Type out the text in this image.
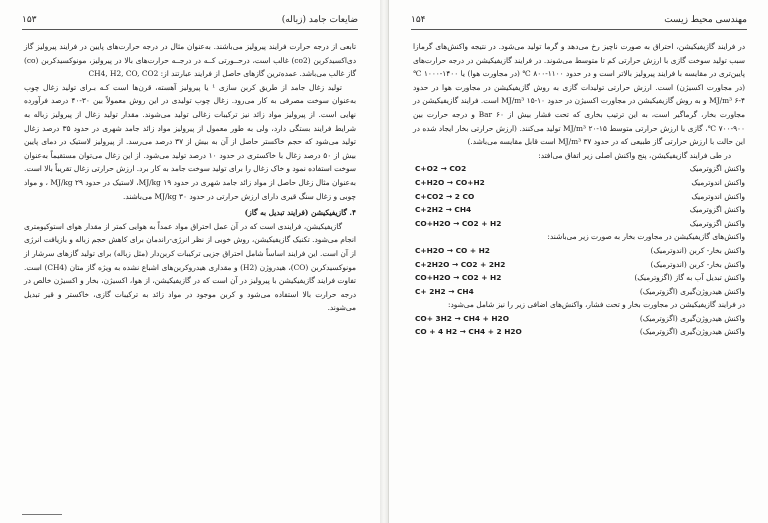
ضایعات جامد (زباله)
۱۵۳

تابعی از درجه حرارت فرایند پیرولیز می‌باشند. به‌عنوان مثال در درجه حرارت‌های پایین در فرایند پیرولیز گاز دی‌اکسیدکربن (co2) غالب است، درحــورتی کــه در درجــه حرارت‌های بالا در پیرولیز، مونوکسیدکربن (co) گاز غالب می‌باشد. عمده‌ترین گازهای حاصل از فرایند عبارتند از: CH4, H2, CO, CO2

تولید زغال جامد از طریق کربن سازی ¹ یا پیرولیز آهسته، قرن‌ها است کـه بـرای تولید زغال چوب به‌عنوان سوخت مصرفی به کار می‌رود. زغال چوب تولیدی در این روش معمولاً بین ۳۰-۴۰ درصد فرآورده نهایی است. از پیرولیز مواد زائد نیز ترکیبات زغالی تولید می‌شوند. مقدار تولید زغال از پیرولیز زباله به شرایط فرایند بستگی دارد، ولی به طور معمول از پیرولیز مواد زائد جامد شهری در حدود ۳۵ درصد زغال تولید می‌شود که حجم خاکستر حاصل از آن به بیش از ۳۷ درصد می‌رسد. از پیرولیز لاستیک در دمای پایین بیش از ۵۰ درصد زغال با خاکستری در حدود ۱۰ درصد تولید می‌شود. از این زغال می‌توان مستقیماً به‌عنوان سوخت استفاده نمود و خاک زغال را برای تولید سوخت جامد به کار برد. ارزش حرارتی زغال تقریباً بالا است. به‌عنوان مثال زغال حاصل از مواد زائد جامد شهری در حدود MJ/kg ۱۹، لاستیک در حدود MJ/kg ۲۹ ، و مواد چوبی و زغال سنگ قیری دارای ارزش حرارتی در حدود MJ/kg ۳۰ می‌باشند.

۴. گازیفیکیشن (فرایند تبدیل به گاز)

گازیفیکیشن، فرایندی است که در آن عمل احتراق مواد عمداً به هوایی کمتر از مقدار هوای استوکیومتری انجام می‌شود. تکنیک گازیفیکیشن، روش خوبی از نظر انرژی-راندمان برای کاهش حجم زباله و بازیافت انرژی از آن است. این فرایند اساساً شامل احتراق جزیی ترکیبات کربن‌دار (مثل زباله) برای تولید گازهای سرشار از مونوکسیدکربن (CO)، هیدروژن (H2) و مقداری هیدروکربن‌های اشباع نشده به ویژه گاز متان (CH4) است. تفاوت فرایند گازیفیکیشن با پیرولیز در آن است که در گازیفیکیشن، از هوا، اکسیژن، بخار و اکسیژن خالص در درجه حرارت بالا استفاده می‌شود و کربن موجود در مواد زائد به ترکیبات گازی، خاکستر و قیر تبدیل می‌شوند.

مهندسی محیط زیست
۱۵۴

در فرایند گازیفیکیشن، احتراق به صورت ناچیز رخ می‌دهد و گرما تولید می‌شود. در نتیجه واکنش‌های گرمازا سبب تولید سوخت گازی با ارزش حرارتی کم تا متوسط می‌شوند. در فرایند گازیفیکیشن در درجه حرارت‌های پایین‌تری در مقایسه با فرایند پیرولیز بالاتر است و در حدود ۱۱۰۰-۸۰۰ ℃ (در مجاورت هوا) یا ۱۴۰۰-۱۰۰۰ ℃ (در مجاورت اکسیژن) است. ارزش حرارتی تولیدات گازی به روش گازیفیکیشن در مجاورت هوا در حدود MJ/m³ ۶-۴ و به روش گازیفیکیشن در مجاورت اکسیژن در حدود MJ/m³ ۱۵-۱۰ است. فرایند گازیفیکیشن در مجاورت بخار، گرماگیر است، به این ترتیب بخاری که تحت فشار بیش از Bar ۶۰ و درجه حرارت بین ۹۰۰-۷۰۰ ℃، گازی با ارزش حرارتی متوسط MJ/m³ ۲۰-۱۵ تولید می‌کنند. (ارزش حرارتی بخار ایجاد شده در این حالت با ارزش حرارتی گاز طبیعی که در حدود MJ/m³ ۳۷ است قابل مقایسه می‌باشد.)

در طی فرایند گازیفیکیشن، پنج واکنش اصلی زیر اتفاق می‌افتد:

واکنش اگزوترمیک
C+O2 → CO2
واکنش اندوترمیک
C+H2O → CO+H2
واکنش اندوترمیک
C+CO2 → 2 CO
واکنش اگزوترمیک
C+2H2 → CH4
واکنش اگزوترمیک
CO+H2O → CO2 + H2

واکنش‌های گازیفیکیشن در مجاورت بخار به صورت زیر می‌باشند:

واکنش بخار- کربن (اندوترمیک)
C+H2O → CO + H2
واکنش بخار- کربن (اندوترمیک)
C+2H2O → CO2 + 2H2
واکنش تبدیل آب به گاز (اگزوترمیک)
CO+H2O → CO2 + H2
واکنش هیدروژن‌گیری (اگزوترمیک)
C+ 2H2 → CH4

در فرایند گازیفیکیشن در مجاورت بخار و تحت فشار، واکنش‌های اضافی زیر را نیز شامل می‌شود:

واکنش هیدروژن‌گیری (اگزوترمیک)
CO+ 3H2 → CH4 + H2O
واکنش هیدروژن‌گیری (اگزوترمیک)
CO + 4 H2 → CH4 + 2 H2O
